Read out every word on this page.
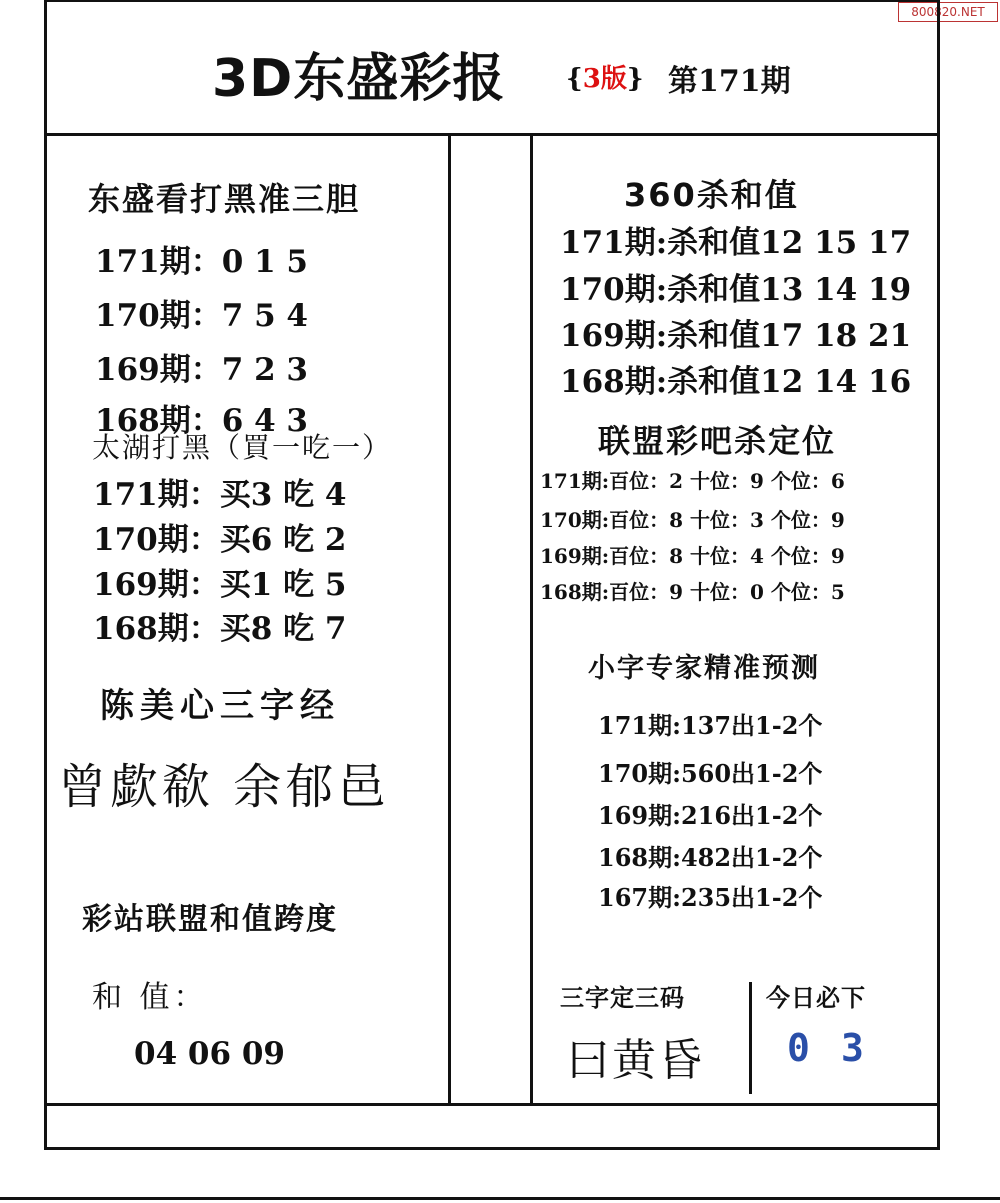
800820.NET
3D东盛彩报 {3版} 第171期
东盛看打黑准三胆
171期：0 1 5
170期：7 5 4
169期：7 2 3
168期：6 4 3
太湖打黑（買一吃一）
171期：买3 吃 4
170期：买6 吃 2
169期：买1 吃 5
168期：买8 吃 7
陈美心三字经
曾歔欷 余郁邑
彩站联盟和值跨度
和 值：
04 06 09
360杀和值
171期:杀和值12 15 17
170期:杀和值13 14 19
169期:杀和值17 18 21
168期:杀和值12 14 16
联盟彩吧杀定位
171期:百位：2 十位：9 个位：6
170期:百位：8 十位：3 个位：9
169期:百位：8 十位：4 个位：9
168期:百位：9 十位：0 个位：5
小字专家精准预测
171期:137出1-2个
170期:560出1-2个
169期:216出1-2个
168期:482出1-2个
167期:235出1-2个
三字定三码
曰黄昏
今日必下
0 3
